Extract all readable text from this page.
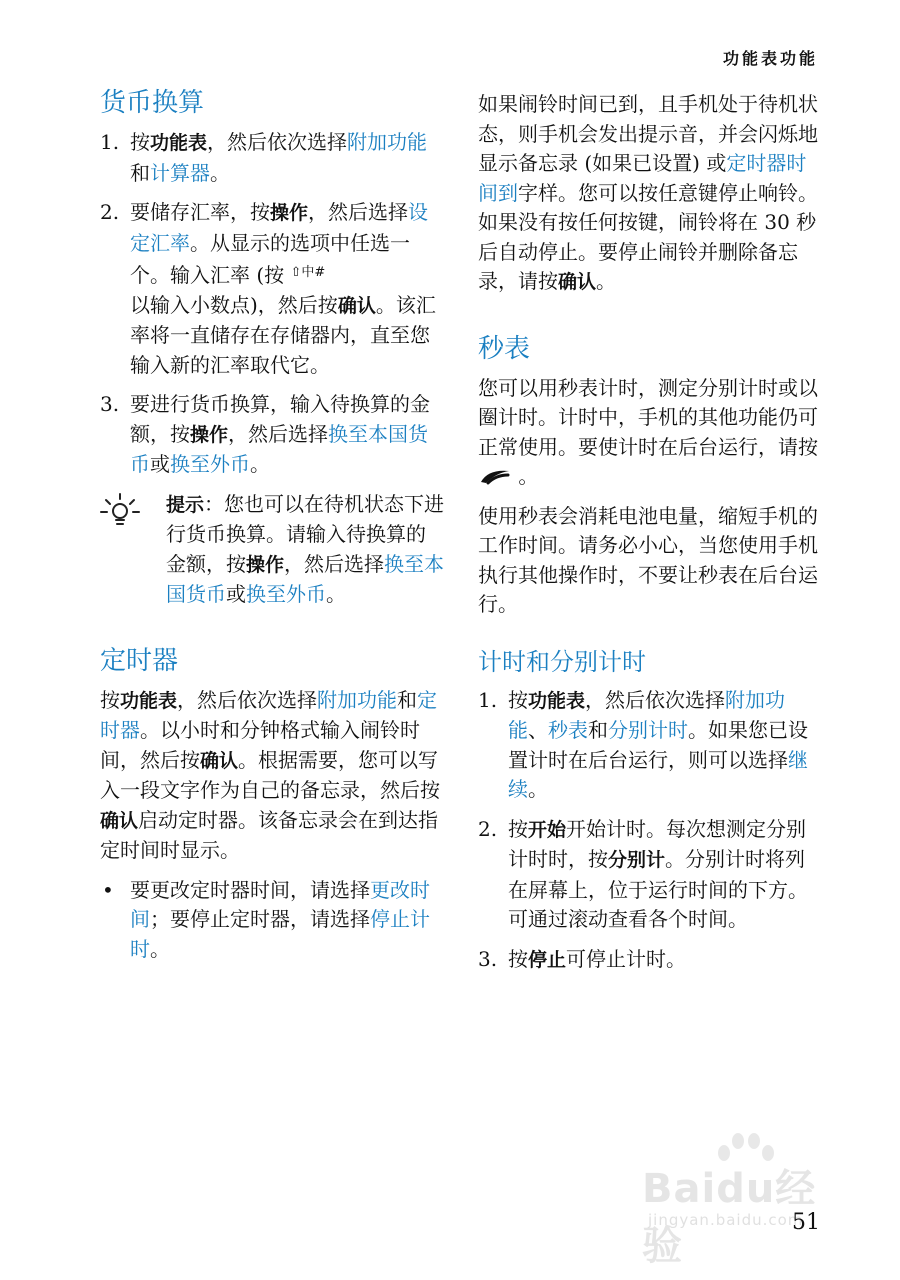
功能表功能
货币换算
1. 按功能表，然后依次选择附加功能和计算器。
2. 要储存汇率，按操作，然后选择设定汇率。从显示的选项中任选一个。输入汇率 (按 ⇧中#
以输入小数点)，然后按确认。该汇率将一直储存在存储器内，直至您输入新的汇率取代它。
3. 要进行货币换算，输入待换算的金额，按操作，然后选择换至本国货币或换至外币。

提示：您也可以在待机状态下进行货币换算。请输入待换算的金额，按操作，然后选择换至本国货币或换至外币。

定时器

按功能表，然后依次选择附加功能和定时器。以小时和分钟格式输入闹铃时间，然后按确认。根据需要，您可以写入一段文字作为自己的备忘录，然后按确认启动定时器。该备忘录会在到达指定时间时显示。

• 要更改定时器时间，请选择更改时间；要停止定时器，请选择停止计时。

如果闹铃时间已到，且手机处于待机状态，则手机会发出提示音，并会闪烁地显示备忘录 (如果已设置) 或定时器时间到字样。您可以按任意键停止响铃。如果没有按任何按键，闹铃将在 30 秒后自动停止。要停止闹铃并删除备忘录，请按确认。

秒表

您可以用秒表计时，测定分别计时或以圈计时。计时中，手机的其他功能仍可正常使用。要使计时在后台运行，请按  。

使用秒表会消耗电池电量，缩短手机的工作时间。请务必小心，当您使用手机执行其他操作时，不要让秒表在后台运行。

计时和分别计时
1. 按功能表，然后依次选择附加功能、秒表和分别计时。如果您已设置计时在后台运行，则可以选择继续。
2. 按开始开始计时。每次想测定分别计时时，按分别计。分别计时将列在屏幕上，位于运行时间的下方。可通过滚动查看各个时间。
3. 按停止可停止计时。
Baidu经验
jingyan.baidu.com
51
